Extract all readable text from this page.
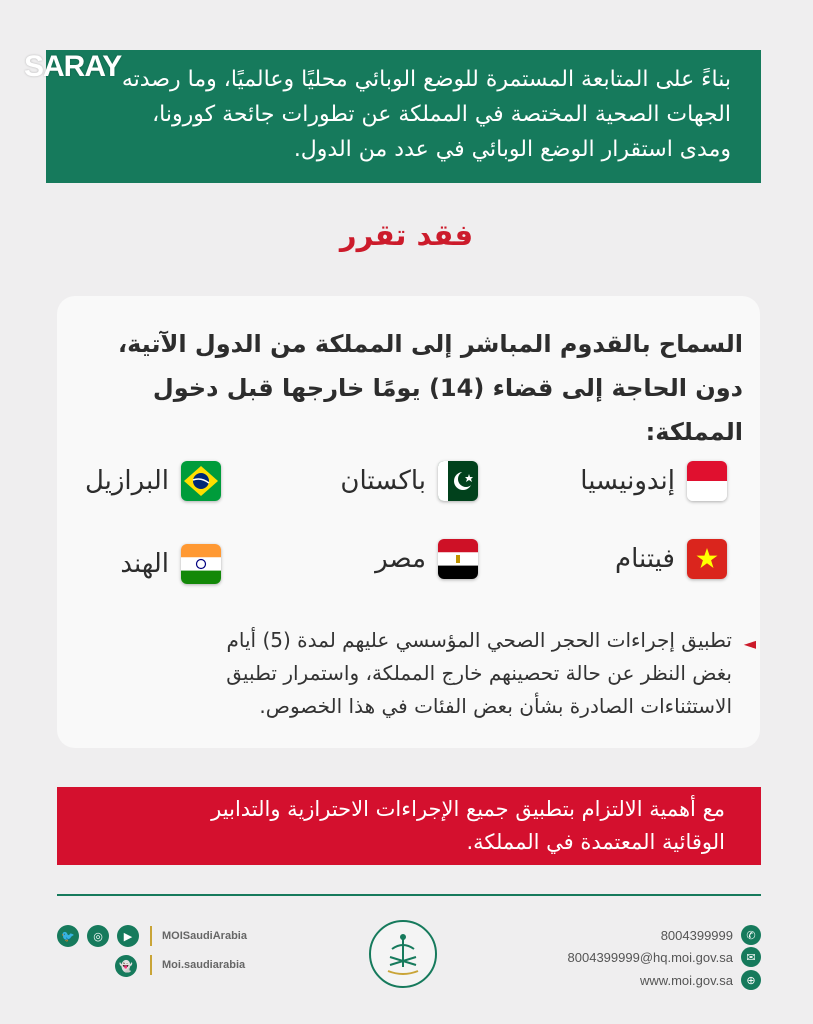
SARAY بناءً على المتابعة المستمرة للوضع الوبائي محليًا وعالميًا، وما رصدته
الجهات الصحية المختصة في المملكة عن تطورات جائحة كورونا،
ومدى استقرار الوضع الوبائي في عدد من الدول.
فقد تقرر
السماح بالقدوم المباشر إلى المملكة من الدول الآتية،
دون الحاجة إلى قضاء (14) يومًا خارجها قبل دخول المملكة:
إندونيسيا
باكستان
البرازيل
فيتنام
مصر
الهند
◄
تطبيق إجراءات الحجر الصحي المؤسسي عليهم لمدة (5) أيام
بغض النظر عن حالة تحصينهم خارج المملكة، واستمرار تطبيق
الاستثناءات الصادرة بشأن بعض الفئات في هذا الخصوص.
مع أهمية الالتزام بتطبيق جميع الإجراءات الاحترازية والتدابير
الوقائية المعتمدة في المملكة.
🐦	◎	▶	MOISaudiArabia
👻	Moi.saudiarabia
8004399999	✆
8004399999@hq.moi.gov.sa	✉
www.moi.gov.sa	⊕
